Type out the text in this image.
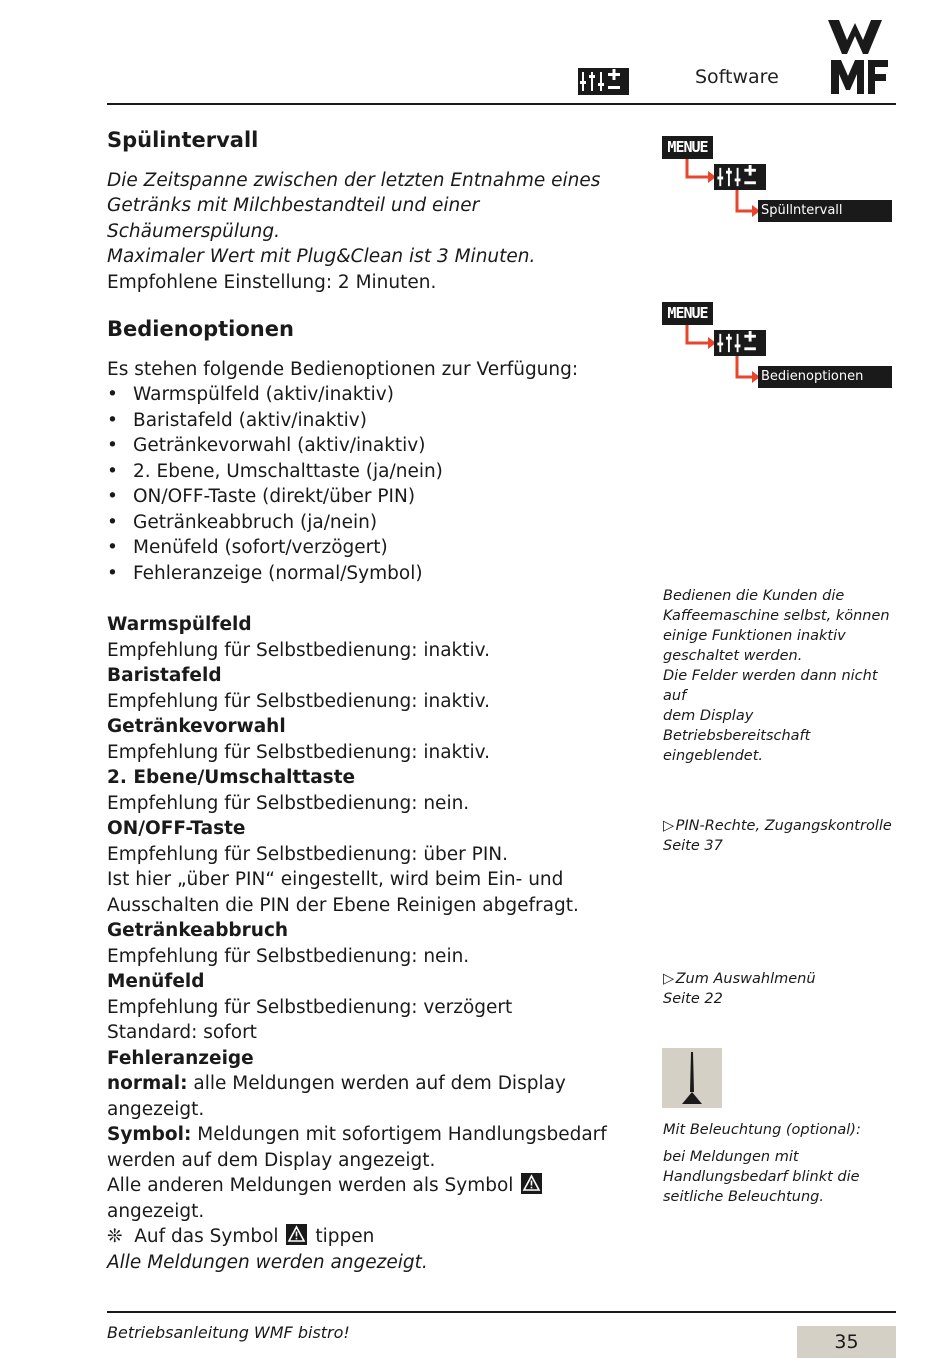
Software
Spülintervall

Die Zeitspanne zwischen der letzten Entnahme eines

Getränks mit Milchbestandteil und einer Schäumerspülung.

Maximaler Wert mit Plug&Clean ist 3 Minuten.

Empfohlene Einstellung: 2 Minuten.

Bedienoptionen

Es stehen folgende Bedienoptionen zur Verfügung:

• Warmspülfeld (aktiv/inaktiv)
• Baristafeld (aktiv/inaktiv)
• Getränkevorwahl (aktiv/inaktiv)
• 2. Ebene, Umschalttaste (ja/nein)
• ON/OFF-Taste (direkt/über PIN)
• Getränkeabbruch (ja/nein)
• Menüfeld (sofort/verzögert)
• Fehleranzeige (normal/Symbol)

Warmspülfeld

Empfehlung für Selbstbedienung: inaktiv.

Baristafeld

Empfehlung für Selbstbedienung: inaktiv.

Getränkevorwahl

Empfehlung für Selbstbedienung: inaktiv.

2. Ebene/Umschalttaste

Empfehlung für Selbstbedienung: nein.

ON/OFF-Taste

Empfehlung für Selbstbedienung: über PIN.

Ist hier „über PIN“ eingestellt, wird beim Ein- und

Ausschalten die PIN der Ebene Reinigen abgefragt.

Getränkeabbruch

Empfehlung für Selbstbedienung: nein.

Menüfeld

Empfehlung für Selbstbedienung: verzögert

Standard: sofort

Fehleranzeige

normal: alle Meldungen werden auf dem Display angezeigt.

Symbol: Meldungen mit sofortigem Handlungsbedarf

werden auf dem Display angezeigt.

Alle anderen Meldungen werden als Symbol
angezeigt.

❊ Auf das Symbol
tippen

Alle Meldungen werden angezeigt.

MENUE
Spüllntervall
MENUE
Bedienoptionen
Bedienen die Kunden die
Kaffeemaschine selbst, können
einige Funktionen inaktiv
geschaltet werden.
Die Felder werden dann nicht auf
dem Display Betriebsbereitschaft
eingeblendet.
▷ PIN-Rechte, Zugangskontrolle
Seite 37
▷ Zum Auswahlmenü
Seite 22
Mit Beleuchtung (optional):
bei Meldungen mit
Handlungsbedarf blinkt die
seitliche Beleuchtung.
Betriebsanleitung WMF bistro!	35
